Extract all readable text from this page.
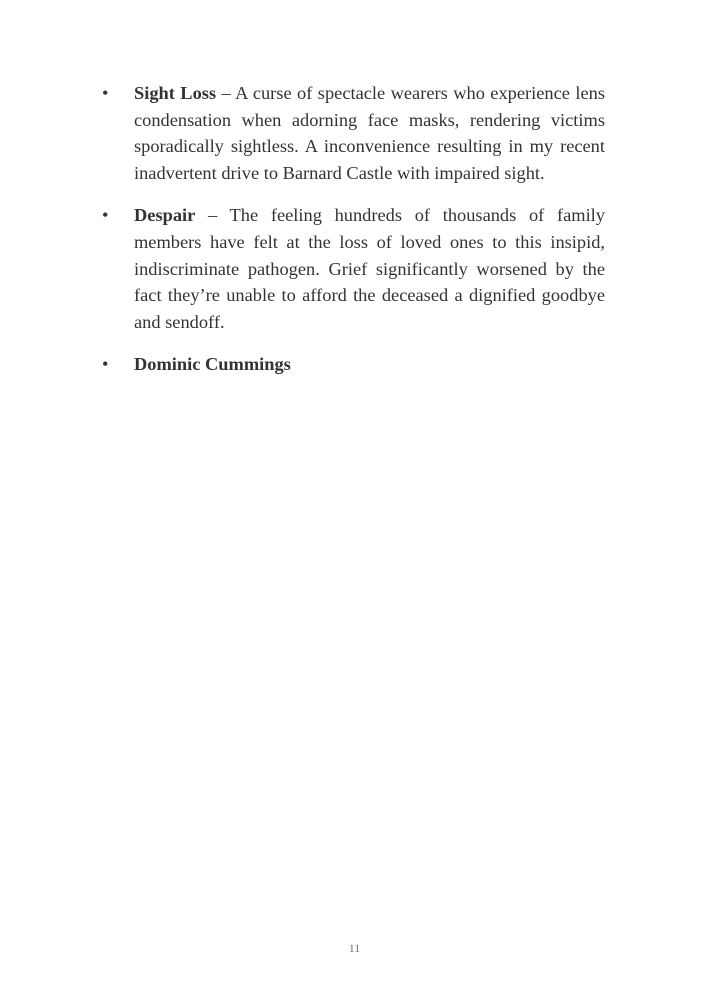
•	Sight Loss – A curse of spectacle wearers who experience lens condensation when adorning face masks, rendering victims sporadically sightless. A inconvenience resulting in my recent inadvertent drive to Barnard Castle with impaired sight.
•	Despair – The feeling hundreds of thousands of family members have felt at the loss of loved ones to this insipid, indiscriminate pathogen. Grief significantly worsened by the fact they’re unable to afford the deceased a dignified goodbye and sendoff.
•	Dominic Cummings
11
